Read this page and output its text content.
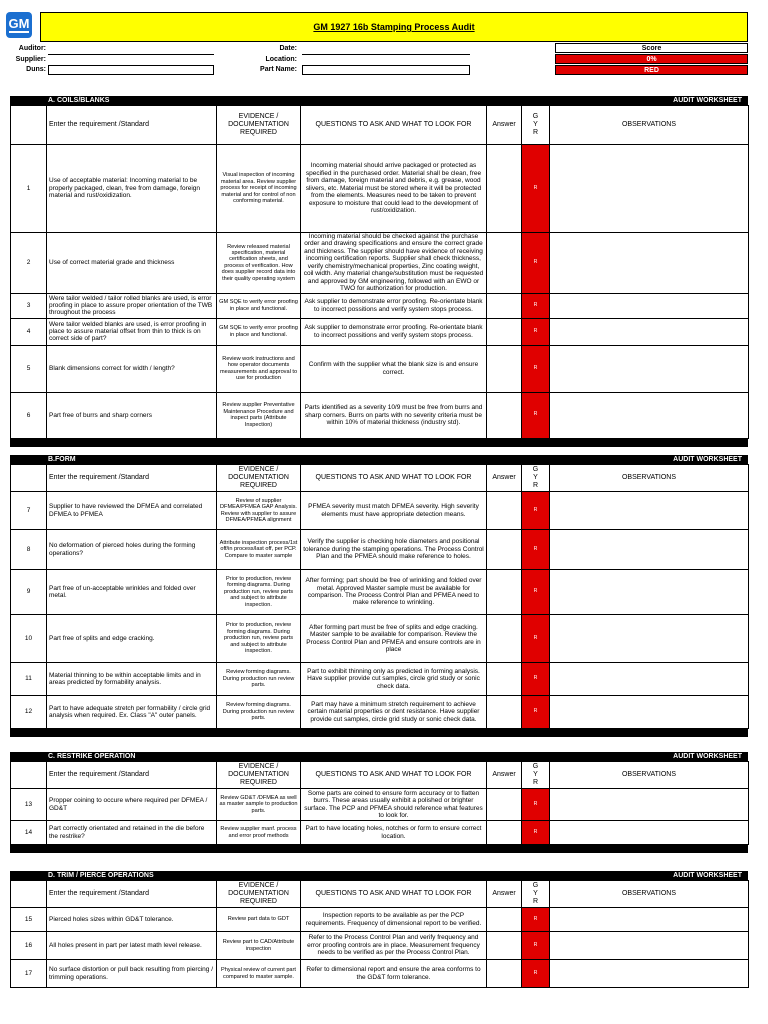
GM	GM 1927 16b Stamping Process Audit
Auditor:
Supplier:
Duns:
Date:
Location:
Part Name:
Score
0%
RED
A. COILS/BLANKS	AUDIT WORKSHEET
	Enter the requirement /Standard	EVIDENCE / DOCUMENTATION REQUIRED	QUESTIONS TO ASK AND WHAT TO LOOK FOR	Answer	G
Y
R	OBSERVATIONS
1	Use of acceptable material: Incoming material to be properly packaged, clean, free from damage, foreign material and rust/oxidization.	Visual inspection of incoming material area. Review supplier process for receipt of incoming material and for control of non conforming material.	Incoming material should arrive packaged or protected as specified in the purchased order. Material shall be clean, free from damage, foreign material and debris, e.g. grease, wood slivers, etc. Material must be stored where it will be protected from the elements. Measures need to be taken to prevent exposure to moisture that could lead to the development of rust/oxidization.		R	
2	Use of correct material grade and thickness	Review released material specification, material certification sheets, and process of verification. How does supplier record data into their quality operating system	Incoming material should be checked against the purchase order and drawing specifications and ensure the correct grade and thickness. The supplier should have evidence of receiving incoming certification reports. Supplier shall check thickness, verify chemistry/mechanical properties, Zinc coating weight, coil width. Any material change/substitution must be requested and approved by GM engineering, followed with an EWO or TWO for authorization for production.		R	
3	Were tailor welded / tailor rolled blanks are used, is error proofing in place to assure proper orientation of the TWB throughout the process	GM SQE to verify error proofing in place and functional.	Ask supplier to demonstrate error proofing. Re-orientate blank to incorrect possitions and verify system stops process.		R	
4	Were tailor welded blanks are used, is error proofing in place to assure material offset from thin to thick is on correct side of part?	GM SQE to verify error proofing in place and functional.	Ask supplier to demonstrate error proofing. Re-orientate blank to incorrect possitions and verify system stops process.		R	
5	Blank dimensions correct for width / length?	Review work instructions and how operator documents measurements and approval to use for production	Confirm with the supplier what the blank size is and ensure correct.		R	
6	Part free of burrs and sharp corners	Review supplier Preventative Maintenance Procedure and inspect parts (Attribute Inspection)	Parts identified as a severity 10/9 must be free from burrs and sharp corners. Burrs on parts with no severity criteria must be within 10% of material thickness (industry std).		R	
B.FORM	AUDIT WORKSHEET
	Enter the requirement /Standard	EVIDENCE / DOCUMENTATION REQUIRED	QUESTIONS TO ASK AND WHAT TO LOOK FOR	Answer	G
Y
R	OBSERVATIONS
7	Supplier to have reviewed the DFMEA and correlated DFMEA to PFMEA	Review of supplier DFMEA/PFMEA GAP Analysis. Review with supplier to assure DFMEA/PFMEA alignment	PFMEA severity must match DFMEA severity. High severity elements must have appropriate detection means.		R	
8	No deformation of pierced holes during the forming operations?	Attribute inspection process/1st off/in process/last off, per PCP. Compare to master sample	Verify the supplier is checking hole diameters and positional tolerance during the stamping operations. The Process Control Plan and the PFMEA should make reference to holes.		R	
9	Part free of un-acceptable wrinkles and folded over metal.	Prior to production, review forming diagrams. During production run, review parts and subject to attribute inspection.	After forming; part should be free of wrinkling and folded over metal. Approved Master sample must be available for comparison. The Process Control Plan and PFMEA need to make reference to wrinkling.		R	
10	Part free of splits and edge cracking.	Prior to production, review forming diagrams. During production run, review parts and subject to attribute inspection.	After forming part must be free of splits and edge cracking. Master sample to be available for comparison. Review the Process Control Plan and PFMEA and ensure controls are in place		R	
11	Material thinning to be within acceptable limits and in areas predicted by formability analysis.	Review forming diagrams. During production run review parts.	Part to exhibit thinning only as predicted in forming analysis. Have supplier provide cut samples, circle grid study or sonic check data.		R	
12	Part to have adequate stretch per formability / circle grid analysis when required. Ex. Class "A" outer panels.	Review forming diagrams. During production run review parts.	Part may have a minimum stretch requirement to achieve certain material properties or dent resistance. Have supplier provide cut samples, circle grid study or sonic check data.		R	
C. RESTRIKE OPERATION	AUDIT WORKSHEET
	Enter the requirement /Standard	EVIDENCE / DOCUMENTATION REQUIRED	QUESTIONS TO ASK AND WHAT TO LOOK FOR	Answer	G
Y
R	OBSERVATIONS
13	Propper coining to occure where required per DFMEA / GD&T	Review GD&T /DFMEA as well as master sample to production parts.	Some parts are coined to ensure form accuracy or to flatten burrs. These areas usually exhibit a polished or brighter surface. The PCP and PFMEA should reference what features to look for.		R	
14	Part correctly orientated and retained in the die before the restrike?	Review supplier manf. process and error proof methods	Part to have locating holes, notches or form to ensure correct location.		R	
D. TRIM / PIERCE OPERATIONS	AUDIT WORKSHEET
	Enter the requirement /Standard	EVIDENCE / DOCUMENTATION REQUIRED	QUESTIONS TO ASK AND WHAT TO LOOK FOR	Answer	G
Y
R	OBSERVATIONS
15	Pierced holes sizes within GD&T tolerance.	Review part data to GDT	Inspection reports to be available as per the PCP requirements. Frequency of dimensional report to be verified.		R	
16	All holes present in part per latest math level release.	Review part to CAD/Attribute inspection	Refer to the Process Control Plan and verify frequency and error proofing controls are in place. Measurement frequency needs to be verified as per the Process Control Plan.		R	
17	No surface distortion or pull back resulting from piercing / trimming operations.	Physical review of current part compared to master sample.	Refer to dimensional report and ensure the area conforms to the GD&T form tolerance.		R	
